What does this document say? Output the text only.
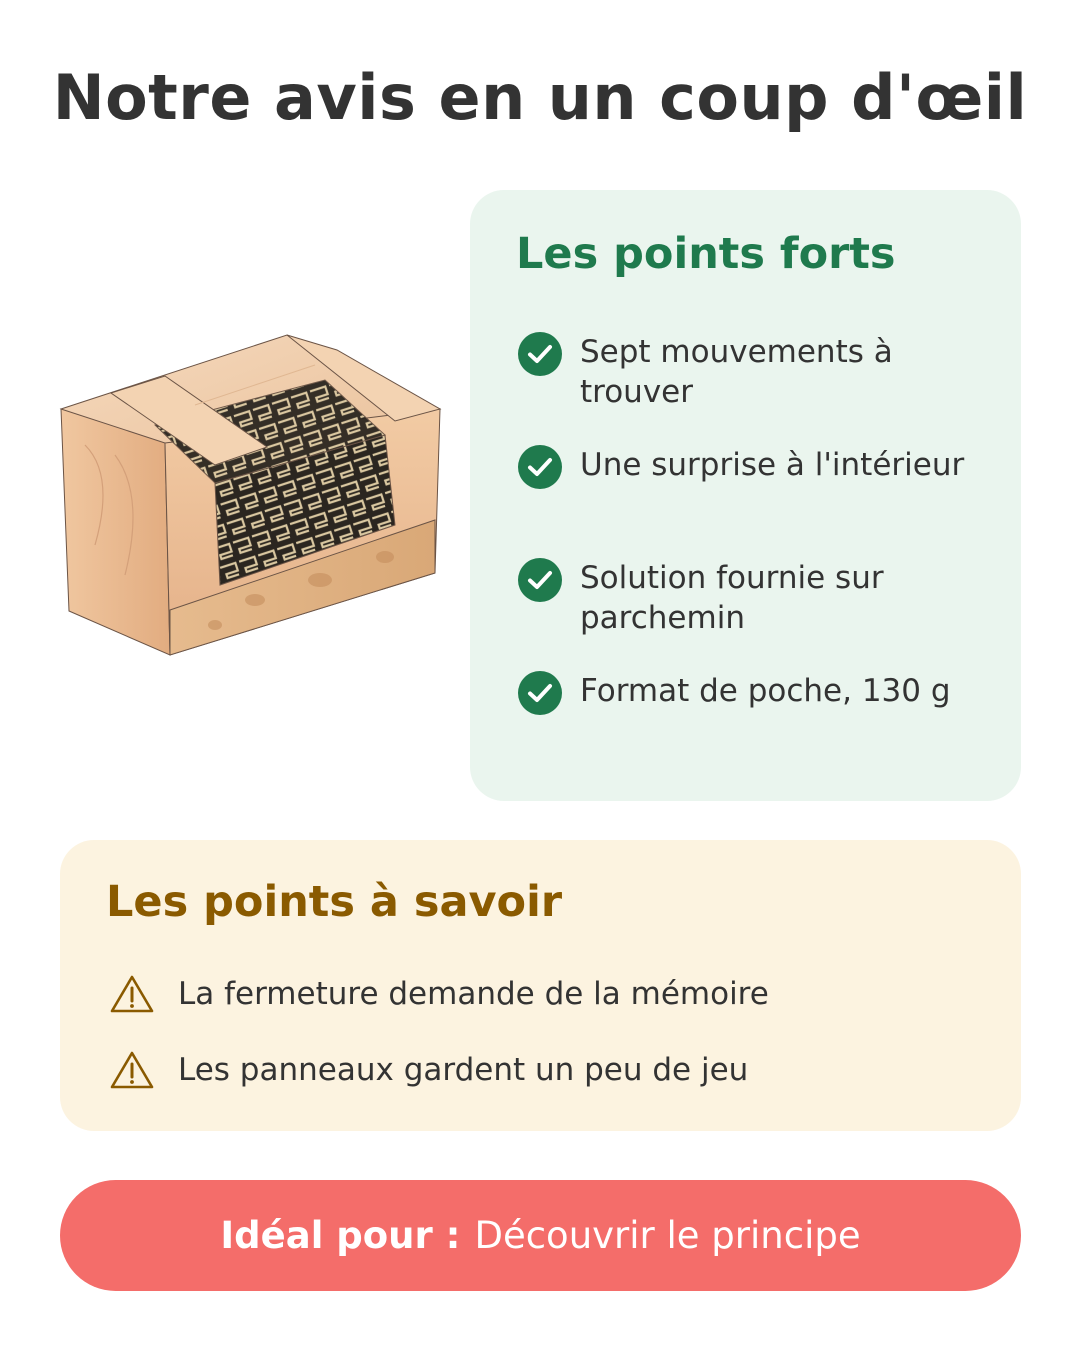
Notre avis en un coup d'œil
Les points forts
Sept mouvements à trouver
Une surprise à l'intérieur
Solution fournie sur parchemin
Format de poche, 130 g
Les points à savoir
La fermeture demande de la mémoire
Les panneaux gardent un peu de jeu
Idéal pour : Découvrir le principe
